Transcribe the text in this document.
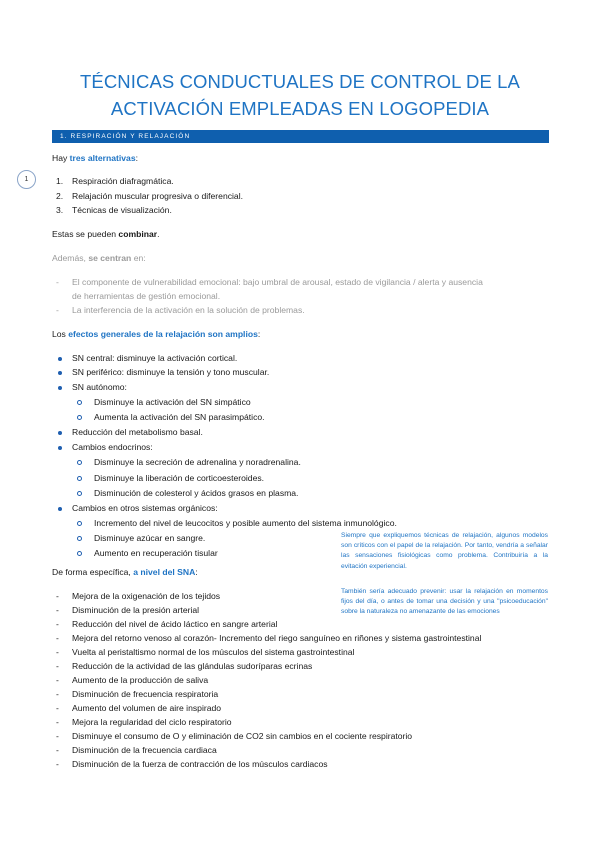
TÉCNICAS CONDUCTUALES DE CONTROL DE LA
ACTIVACIÓN EMPLEADAS EN LOGOPEDIA
1. RESPIRACIÓN Y RELAJACIÓN
Hay tres alternativas:
1	1. Respiración diafragmática.
2. Relajación muscular progresiva o diferencial.
3. Técnicas de visualización.
Estas se pueden combinar.
Además, se centran en:
- El componente de vulnerabilidad emocional: bajo umbral de arousal, estado de vigilancia / alerta y ausencia
de herramientas de gestión emocional.
- La interferencia de la activación en la solución de problemas.
Los efectos generales de la relajación son amplios:
SN central: disminuye la activación cortical.
SN periférico: disminuye la tensión y tono muscular.
SN autónomo:
Disminuye la activación del SN simpático
Aumenta la activación del SN parasimpático.
Reducción del metabolismo basal.
Cambios endocrinos:
Disminuye la secreción de adrenalina y noradrenalina.
Disminuye la liberación de corticoesteroides.
Disminución de colesterol y ácidos grasos en plasma.
Cambios en otros sistemas orgánicos:
Incremento del nivel de leucocitos y posible aumento del sistema inmunológico.
Disminuye azúcar en sangre.
Aumento en recuperación tisular
Siempre que expliquemos técnicas de relajación, algunos modelos son críticos con el papel de la relajación. Por tanto, vendría a señalar las sensaciones fisiológicas como problema. Contribuiría a la evitación experiencial.
También sería adecuado prevenir: usar la relajación en momentos fijos del día, o antes de tomar una decisión y una "psicoeducación" sobre la naturaleza no amenazante de las emociones
De forma específica, a nivel del SNA:
- Mejora de la oxigenación de los tejidos
- Disminución de la presión arterial
- Reducción del nivel de ácido láctico en sangre arterial
- Mejora del retorno venoso al corazón- Incremento del riego sanguíneo en riñones y sistema gastrointestinal
- Vuelta al peristaltismo normal de los músculos del sistema gastrointestinal
- Reducción de la actividad de las glándulas sudoríparas ecrinas
- Aumento de la producción de saliva
- Disminución de frecuencia respiratoria
- Aumento del volumen de aire inspirado
- Mejora la regularidad del ciclo respiratorio
- Disminuye el consumo de O y eliminación de CO2 sin cambios en el cociente respiratorio
- Disminución de la frecuencia cardiaca
- Disminución de la fuerza de contracción de los músculos cardiacos
